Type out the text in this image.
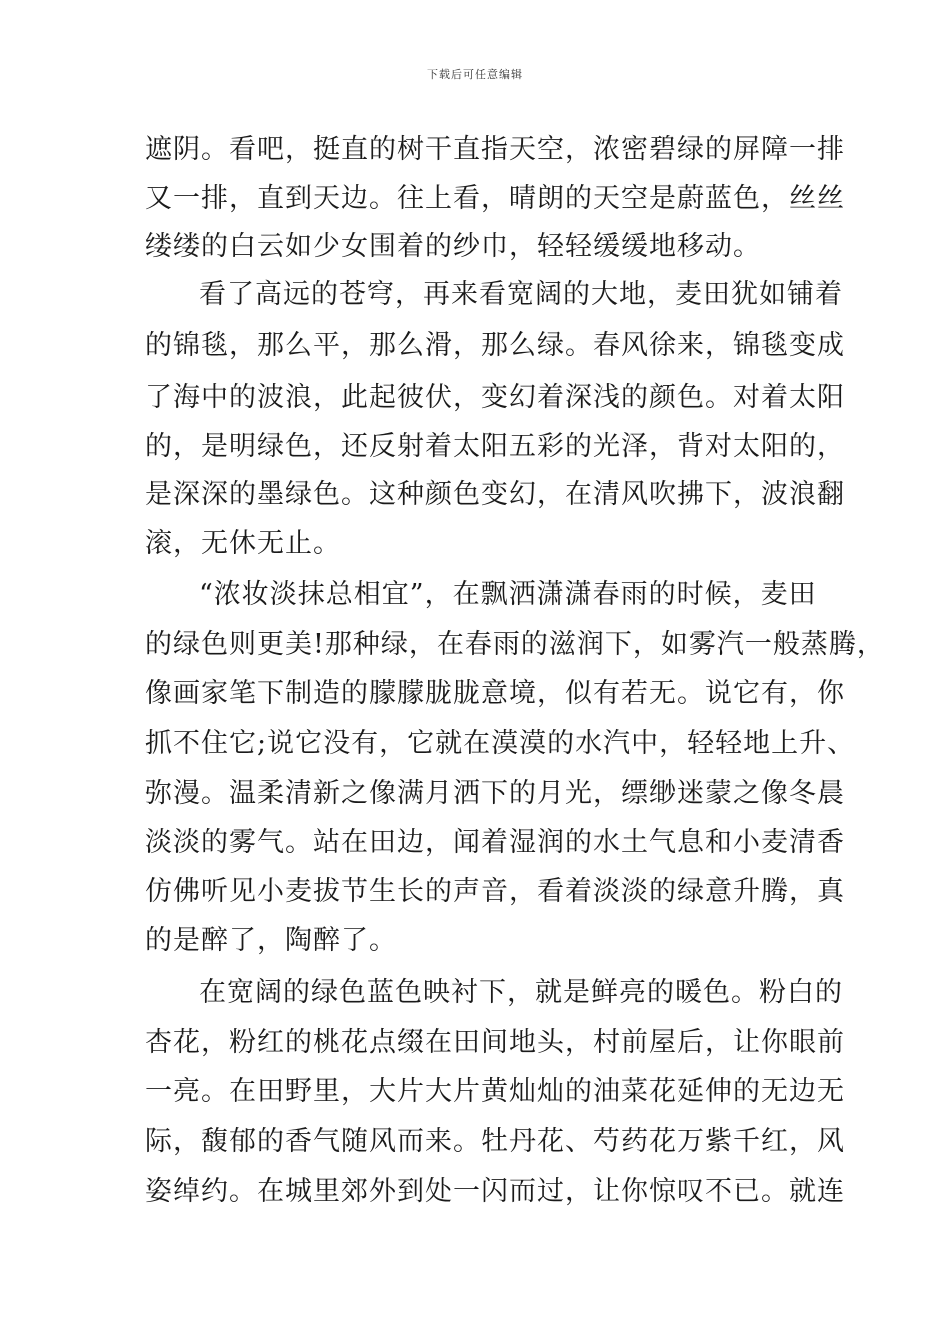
下载后可任意编辑
遮阴。看吧，挺直的树干直指天空，浓密碧绿的屏障一排
又一排，直到天边。往上看，晴朗的天空是蔚蓝色，丝丝
缕缕的白云如少女围着的纱巾，轻轻缓缓地移动。
看了高远的苍穹，再来看宽阔的大地，麦田犹如铺着
的锦毯，那么平，那么滑，那么绿。春风徐来，锦毯变成
了海中的波浪，此起彼伏，变幻着深浅的颜色。对着太阳
的，是明绿色，还反射着太阳五彩的光泽，背对太阳的，
是深深的墨绿色。这种颜色变幻，在清风吹拂下，波浪翻
滚，无休无止。
“浓妆淡抹总相宜”，在飘洒潇潇春雨的时候，麦田
的绿色则更美!那种绿，在春雨的滋润下，如雾汽一般蒸腾，
像画家笔下制造的朦朦胧胧意境，似有若无。说它有，你
抓不住它;说它没有，它就在漠漠的水汽中，轻轻地上升、
弥漫。温柔清新之像满月洒下的月光，缥缈迷蒙之像冬晨
淡淡的雾气。站在田边，闻着湿润的水土气息和小麦清香
仿佛听见小麦拔节生长的声音，看着淡淡的绿意升腾，真
的是醉了，陶醉了。
在宽阔的绿色蓝色映衬下，就是鲜亮的暖色。粉白的
杏花，粉红的桃花点缀在田间地头，村前屋后，让你眼前
一亮。在田野里，大片大片黄灿灿的油菜花延伸的无边无
际，馥郁的香气随风而来。牡丹花、芍药花万紫千红，风
姿绰约。在城里郊外到处一闪而过，让你惊叹不已。就连
